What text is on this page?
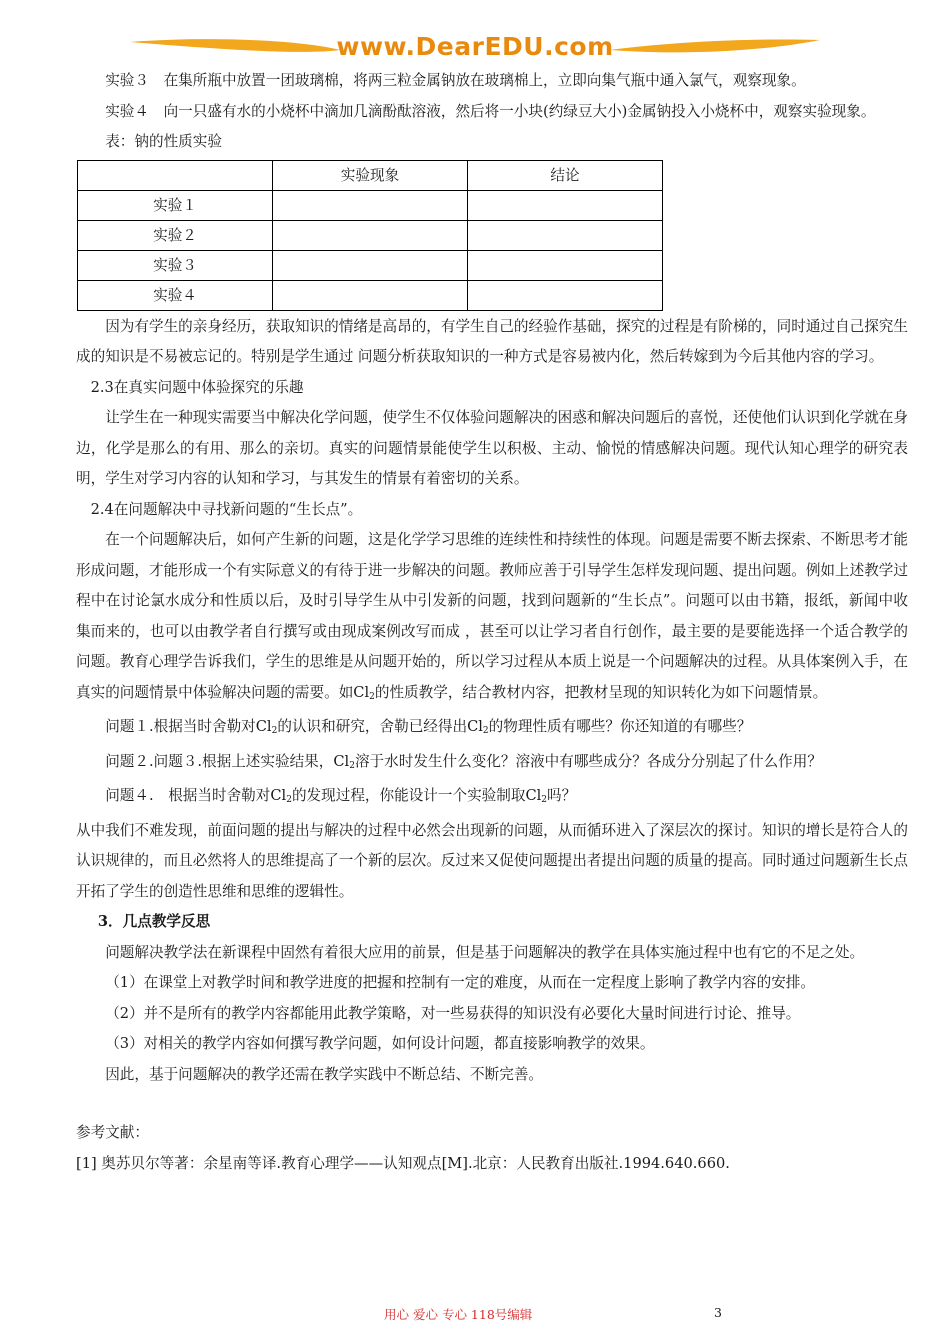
www.DearEDU.com

实验３　在集所瓶中放置一团玻璃棉，将两三粒金属钠放在玻璃棉上，立即向集气瓶中通入氯气，观察现象。

实验４　向一只盛有水的小烧杯中滴加几滴酚酞溶液，然后将一小块(约绿豆大小)金属钠投入小烧杯中，观察实验现象。

表：钠的性质实验

	实验现象	结论
实验１		
实验２		
实验３		
实验４		

因为有学生的亲身经历，获取知识的情绪是高昂的，有学生自己的经验作基础，探究的过程是有阶梯的，同时通过自己探究生成的知识是不易被忘记的。特别是学生通过 问题分析获取知识的一种方式是容易被内化，然后转嫁到为今后其他内容的学习。

2.3在真实问题中体验探究的乐趣

让学生在一种现实需要当中解决化学问题，使学生不仅体验问题解决的困惑和解决问题后的喜悦，还使他们认识到化学就在身边，化学是那么的有用、那么的亲切。真实的问题情景能使学生以积极、主动、愉悦的情感解决问题。现代认知心理学的研究表明，学生对学习内容的认知和学习，与其发生的情景有着密切的关系。

2.4在问题解决中寻找新问题的“生长点”。

在一个问题解决后，如何产生新的问题，这是化学学习思维的连续性和持续性的体现。问题是需要不断去探索、不断思考才能形成问题，才能形成一个有实际意义的有待于进一步解决的问题。教师应善于引导学生怎样发现问题、提出问题。例如上述教学过程中在讨论氯水成分和性质以后，及时引导学生从中引发新的问题，找到问题新的“生长点”。问题可以由书籍，报纸，新闻中收集而来的，也可以由教学者自行撰写或由现成案例改写而成 ，甚至可以让学习者自行创作，最主要的是要能选择一个适合教学的问题。教育心理学告诉我们，学生的思维是从问题开始的，所以学习过程从本质上说是一个问题解决的过程。从具体案例入手，在真实的问题情景中体验解决问题的需要。如$Cl_2$的性质教学，结合教材内容，把教材呈现的知识转化为如下问题情景。

问题１.根据当时舍勒对$Cl_2$的认识和研究，舍勒已经得出$Cl_2$的物理性质有哪些？你还知道的有哪些？

问题２.问题３.根据上述实验结果，$Cl_2$溶于水时发生什么变化？溶液中有哪些成分？各成分分别起了什么作用？

问题４.　根据当时舍勒对$Cl_2$的发现过程，你能设计一个实验制取$Cl_2$吗？

从中我们不难发现，前面问题的提出与解决的过程中必然会出现新的问题，从而循环进入了深层次的探讨。知识的增长是符合人的认识规律的，而且必然将人的思维提高了一个新的层次。反过来又促使问题提出者提出问题的质量的提高。同时通过问题新生长点开拓了学生的创造性思维和思维的逻辑性。

3．几点教学反思

问题解决教学法在新课程中固然有着很大应用的前景，但是基于问题解决的教学在具体实施过程中也有它的不足之处。

（1）在课堂上对教学时间和教学进度的把握和控制有一定的难度，从而在一定程度上影响了教学内容的安排。

（2）并不是所有的教学内容都能用此教学策略，对一些易获得的知识没有必要化大量时间进行讨论、推导。

（3）对相关的教学内容如何撰写教学问题，如何设计问题，都直接影响教学的效果。

因此，基于问题解决的教学还需在教学实践中不断总结、不断完善。

参考文献：

[1] 奥苏贝尔等著：余星南等译.教育心理学——认知观点[M].北京：人民教育出版社.1994.640.660.

用心 爱心 专心 118号编辑	3
